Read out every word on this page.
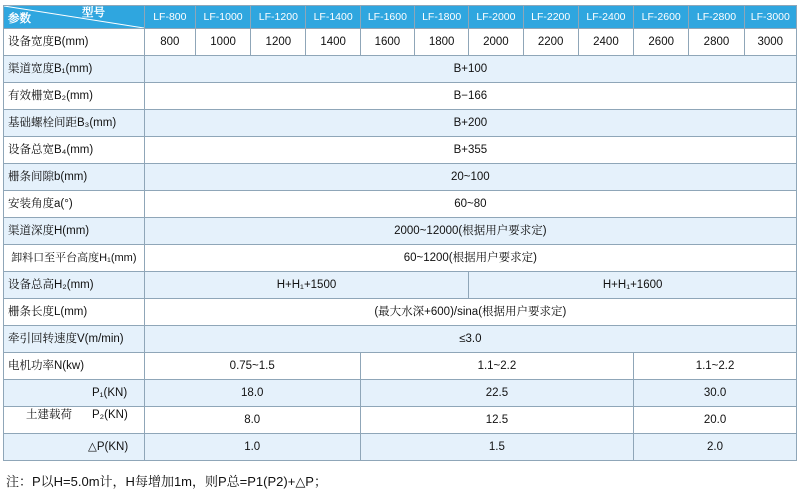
型号
参数	LF-800	LF-1000	LF-1200	LF-1400	LF-1600	LF-1800	LF-2000	LF-2200	LF-2400	LF-2600	LF-2800	LF-3000
设备宽度B(mm)	800	1000	1200	1400	1600	1800	2000	2200	2400	2600	2800	3000
渠道宽度B₁(mm)	B+100											
有效栅宽B₂(mm)	B−166											
基础螺栓间距B₃(mm)	B+200											
设备总宽B₄(mm)	B+355											
栅条间隙b(mm)	20~100											
安装角度a(°)	60~80											
渠道深度H(mm)	2000~12000(根据用户要求定)											
卸料口至平台高度H₁(mm)	60~1200(根据用户要求定)											
设备总高H₂(mm)	H+H₁+1500						H+H₁+1600					
栅条长度L(mm)	(最大水深+600)/sina(根据用户要求定)											
牵引回转速度V(m/min)	≤3.0											
电机功率N(kw)	0.75~1.5				1.1~2.2					1.1~2.2		

P₁(KN)	18.0				22.5					30.0		

土建载荷 P₂(KN)	8.0				12.5					20.0		
△P(KN)	1.0				1.5					2.0		
注：P以H=5.0m计，H每增加1m，则P总=P1(P2)+△P；
